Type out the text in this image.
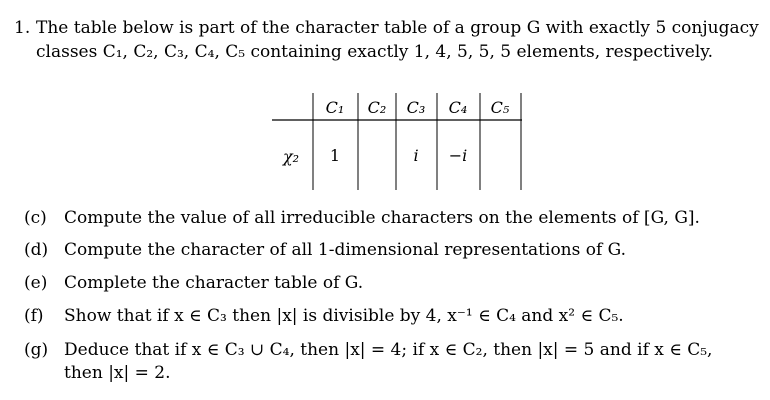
1. The table below is part of the character table of a group G with exactly 5 conjugacy
classes C₁, C₂, C₃, C₄, C₅ containing exactly 1, 4, 5, 5, 5 elements, respectively.
C₁ C₂ C₃ C₄ C₅
χ₂ 1	i −i
(c) Compute the value of all irreducible characters on the elements of [G, G].
(d) Compute the character of all 1-dimensional representations of G.
(e) Complete the character table of G.
(f) Show that if x ∈ C₃ then |x| is divisible by 4, x⁻¹ ∈ C₄ and x² ∈ C₅.
(g) Deduce that if x ∈ C₃ ∪ C₄, then |x| = 4; if x ∈ C₂, then |x| = 5 and if x ∈ C₅,
then |x| = 2.
